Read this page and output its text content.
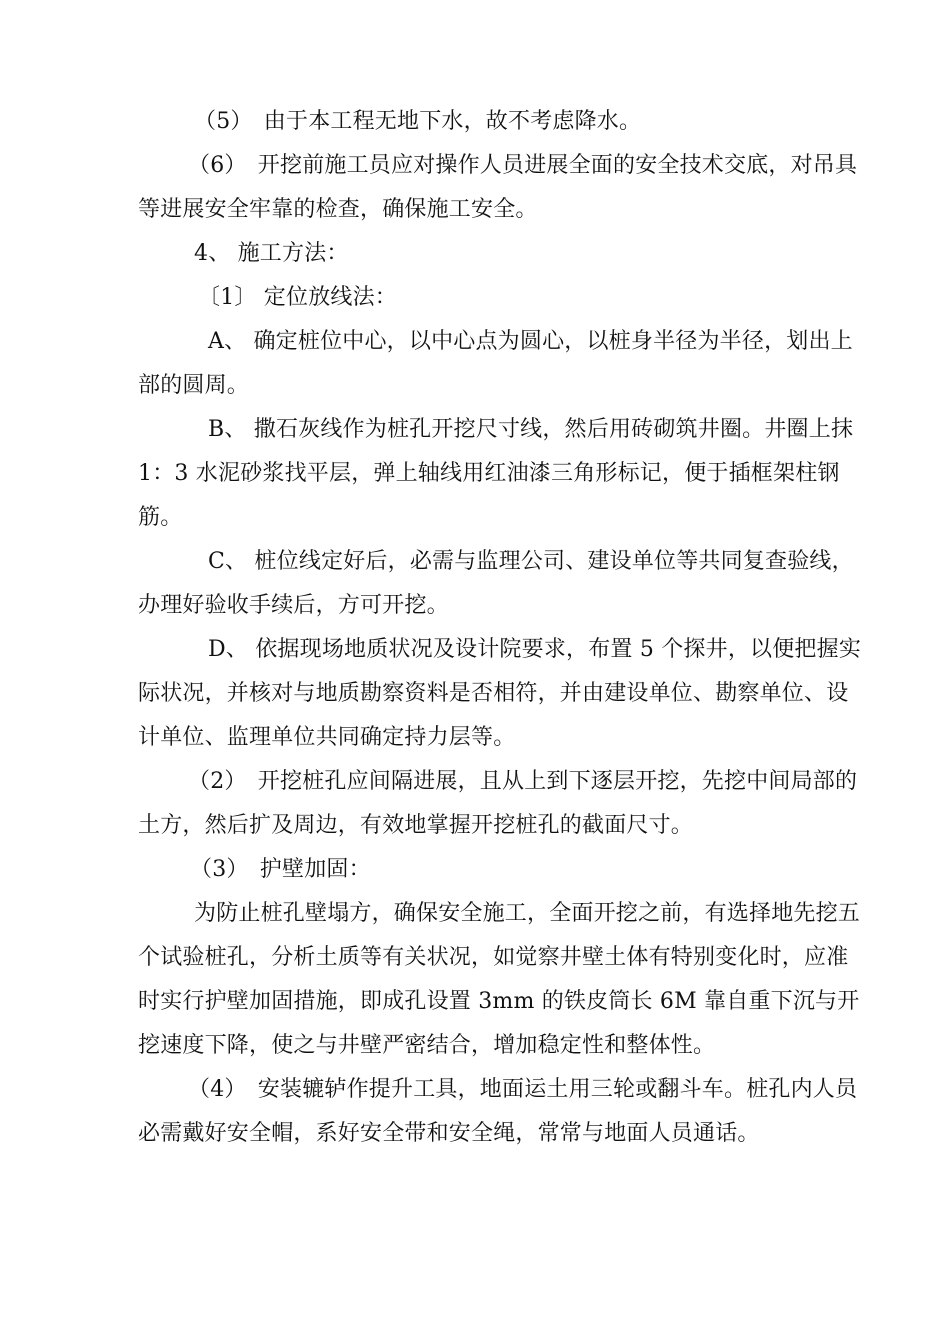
（5）　由于本工程无地下水，故不考虑降水。

（6）　开挖前施工员应对操作人员进展全面的安全技术交底，对吊具等进展安全牢靠的检查，确保施工安全。

4、 施工方法：

〔1〕 定位放线法：

A、 确定桩位中心，以中心点为圆心，以桩身半径为半径，划出上部的圆周。

B、 撒石灰线作为桩孔开挖尺寸线，然后用砖砌筑井圈。井圈上抹 1：3 水泥砂浆找平层，弹上轴线用红油漆三角形标记，便于插框架柱钢筋。

C、 桩位线定好后，必需与监理公司、建设单位等共同复查验线，办理好验收手续后，方可开挖。

D、 依据现场地质状况及设计院要求，布置 5 个探井，以便把握实际状况，并核对与地质勘察资料是否相符，并由建设单位、勘察单位、设计单位、监理单位共同确定持力层等。

（2）　开挖桩孔应间隔进展，且从上到下逐层开挖，先挖中间局部的土方，然后扩及周边，有效地掌握开挖桩孔的截面尺寸。

（3）　护壁加固：

为防止桩孔壁塌方，确保安全施工，全面开挖之前，有选择地先挖五个试验桩孔，分析土质等有关状况，如觉察井壁土体有特别变化时，应准时实行护壁加固措施，即成孔设置 3mm 的铁皮筒长 6M 靠自重下沉与开挖速度下降，使之与井壁严密结合，增加稳定性和整体性。

（4）　安装辘轳作提升工具，地面运土用三轮或翻斗车。桩孔内人员必需戴好安全帽，系好安全带和安全绳，常常与地面人员通话。
